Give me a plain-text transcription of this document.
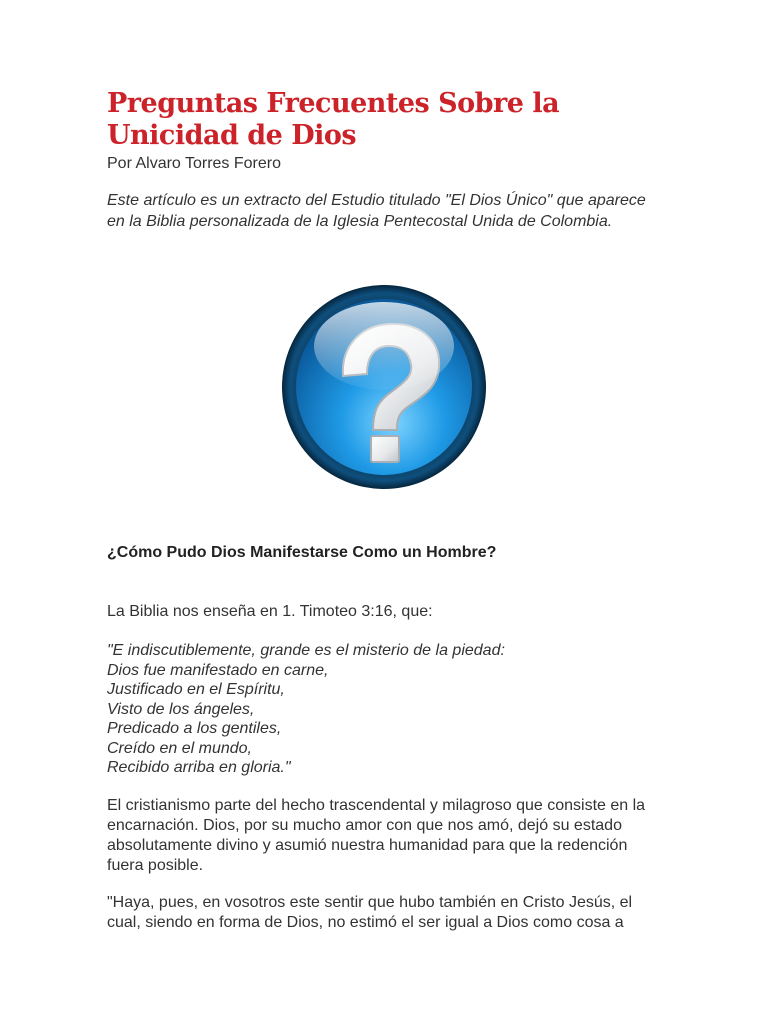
Preguntas Frecuentes Sobre la
Unicidad de Dios
Por Alvaro Torres Forero
Este artículo es un extracto del Estudio titulado "El Dios Único" que aparece
en la Biblia personalizada de la Iglesia Pentecostal Unida de Colombia.
¿Cómo Pudo Dios Manifestarse Como un Hombre?
La Biblia nos enseña en 1. Timoteo 3:16, que:
"E indiscutiblemente, grande es el misterio de la piedad:
Dios fue manifestado en carne,
Justificado en el Espíritu,
Visto de los ángeles,
Predicado a los gentiles,
Creído en el mundo,
Recibido arriba en gloria."
El cristianismo parte del hecho trascendental y milagroso que consiste en la
encarnación. Dios, por su mucho amor con que nos amó, dejó su estado
absolutamente divino y asumió nuestra humanidad para que la redención
fuera posible.
"Haya, pues, en vosotros este sentir que hubo también en Cristo Jesús, el
cual, siendo en forma de Dios, no estimó el ser igual a Dios como cosa a
